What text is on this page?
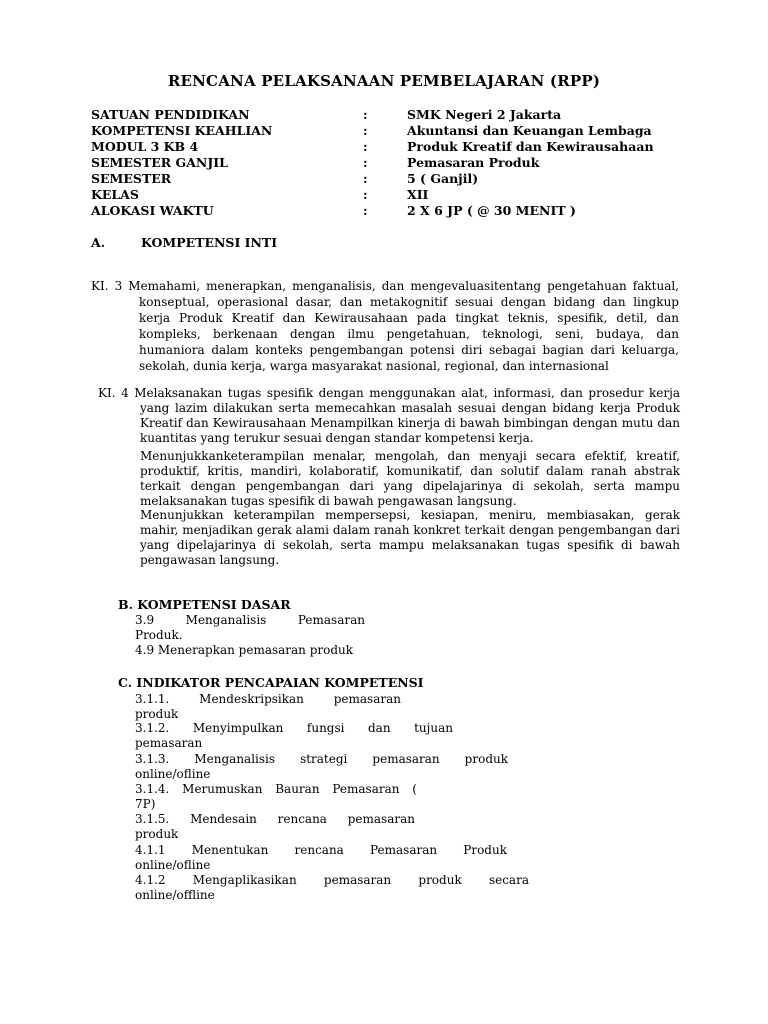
RENCANA PELAKSANAAN PEMBELAJARAN (RPP)
SATUAN PENDIDIKAN	:	SMK Negeri 2 Jakarta
KOMPETENSI KEAHLIAN	:	Akuntansi dan Keuangan Lembaga
MODUL 3 KB 4	:	Produk Kreatif dan Kewirausahaan
SEMESTER GANJIL	:	Pemasaran Produk
SEMESTER	:	5 ( Ganjil)
KELAS	:	XII
ALOKASI WAKTU	:	2 X 6 JP ( @ 30 MENIT )
A.	KOMPETENSI INTI

KI. 3 Memahami, menerapkan, menganalisis, dan mengevaluasitentang pengetahuan faktual, konseptual, operasional dasar, dan metakognitif sesuai dengan bidang dan lingkup kerja Produk Kreatif dan Kewirausahaan pada tingkat teknis, spesifik, detil, dan kompleks, berkenaan dengan ilmu pengetahuan, teknologi, seni, budaya, dan humaniora dalam konteks pengembangan potensi diri sebagai bagian dari keluarga, sekolah, dunia kerja, warga masyarakat nasional, regional, dan internasional

KI. 4 Melaksanakan tugas spesifik dengan menggunakan alat, informasi, dan prosedur kerja yang lazim dilakukan serta memecahkan masalah sesuai dengan bidang kerja Produk Kreatif dan Kewirausahaan Menampilkan kinerja di bawah bimbingan dengan mutu dan kuantitas yang terukur sesuai dengan standar kompetensi kerja.

Menunjukkanketerampilan menalar, mengolah, dan menyaji secara efektif, kreatif, produktif, kritis, mandiri, kolaboratif, komunikatif, dan solutif dalam ranah abstrak terkait dengan pengembangan dari yang dipelajarinya di sekolah, serta mampu melaksanakan tugas spesifik di bawah pengawasan langsung.

Menunjukkan keterampilan mempersepsi, kesiapan, meniru, membiasakan, gerak mahir, menjadikan gerak alami dalam ranah konkret terkait dengan pengembangan dari yang dipelajarinya di sekolah, serta mampu melaksanakan tugas spesifik di bawah pengawasan langsung.

B. KOMPETENSI DASAR
3.9	Menganalisis	Pemasaran
Produk.
4.9 Menerapkan pemasaran produk
C. INDIKATOR PENCAPAIAN KOMPETENSI
3.1.1. Mendeskripsikan pemasaran
produk
3.1.2. Menyimpulkan fungsi dan tujuan
pemasaran
3.1.3. Menganalisis strategi pemasaran produk
online/ofline
3.1.4. Merumuskan Bauran Pemasaran (
7P)
3.1.5. Mendesain rencana pemasaran
produk
4.1.1 Menentukan rencana Pemasaran Produk
online/ofline
4.1.2 Mengaplikasikan pemasaran produk secara
online/offline
